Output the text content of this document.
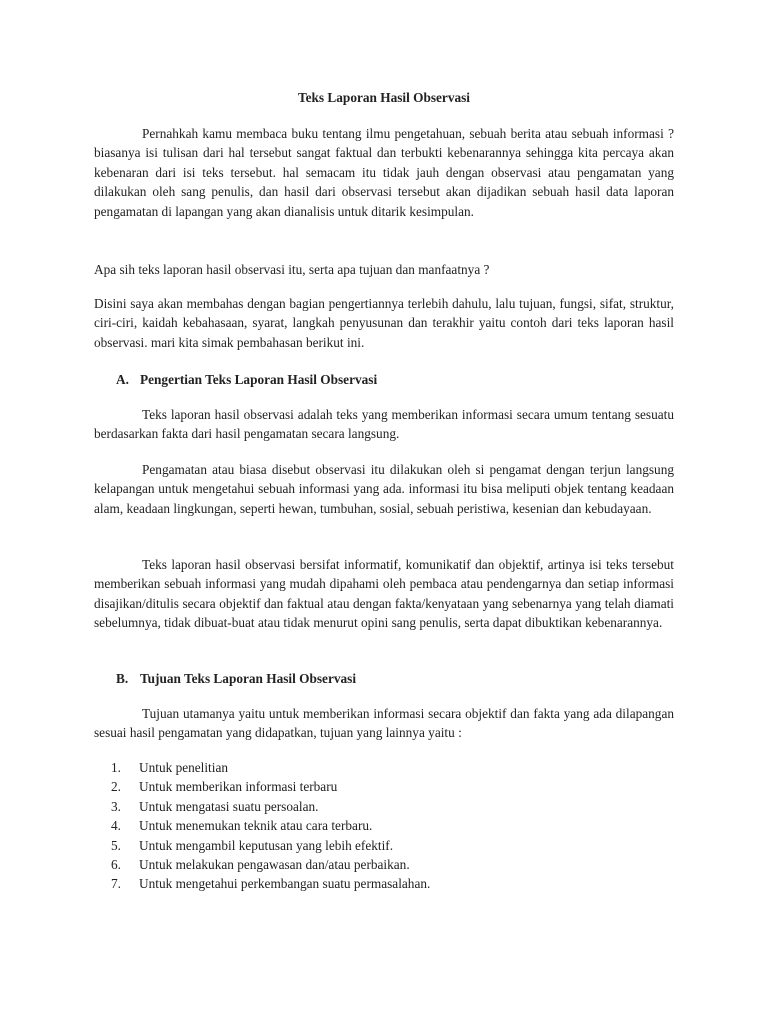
Teks Laporan Hasil Observasi

Pernahkah kamu membaca buku tentang ilmu pengetahuan, sebuah berita atau sebuah informasi ? biasanya isi tulisan dari hal tersebut sangat faktual dan terbukti kebenarannya sehingga kita percaya akan kebenaran dari isi teks tersebut. hal semacam itu tidak jauh dengan observasi atau pengamatan yang dilakukan oleh sang penulis, dan hasil dari observasi tersebut akan dijadikan sebuah hasil data laporan pengamatan di lapangan yang akan dianalisis untuk ditarik kesimpulan.

Apa sih teks laporan hasil observasi itu, serta apa tujuan dan manfaatnya ?

Disini saya akan membahas dengan bagian pengertiannya terlebih dahulu, lalu tujuan, fungsi, sifat, struktur, ciri-ciri, kaidah kebahasaan, syarat, langkah penyusunan dan terakhir yaitu contoh dari teks laporan hasil observasi. mari kita simak pembahasan berikut ini.

A. Pengertian Teks Laporan Hasil Observasi

Teks laporan hasil observasi adalah teks yang memberikan informasi secara umum tentang sesuatu berdasarkan fakta dari hasil pengamatan secara langsung.

Pengamatan atau biasa disebut observasi itu dilakukan oleh si pengamat dengan terjun langsung kelapangan untuk mengetahui sebuah informasi yang ada. informasi itu bisa meliputi objek tentang keadaan alam, keadaan lingkungan, seperti hewan, tumbuhan, sosial, sebuah peristiwa, kesenian dan kebudayaan.

Teks laporan hasil observasi bersifat informatif, komunikatif dan objektif, artinya isi teks tersebut memberikan sebuah informasi yang mudah dipahami oleh pembaca atau pendengarnya dan setiap informasi disajikan/ditulis secara objektif dan faktual atau dengan fakta/kenyataan yang sebenarnya yang telah diamati sebelumnya, tidak dibuat-buat atau tidak menurut opini sang penulis, serta dapat dibuktikan kebenarannya.

B. Tujuan Teks Laporan Hasil Observasi

Tujuan utamanya yaitu untuk memberikan informasi secara objektif dan fakta yang ada dilapangan sesuai hasil pengamatan yang didapatkan, tujuan yang lainnya yaitu :

1. Untuk penelitian
2. Untuk memberikan informasi terbaru
3. Untuk mengatasi suatu persoalan.
4. Untuk menemukan teknik atau cara terbaru.
5. Untuk mengambil keputusan yang lebih efektif.
6. Untuk melakukan pengawasan dan/atau perbaikan.
7. Untuk mengetahui perkembangan suatu permasalahan.
